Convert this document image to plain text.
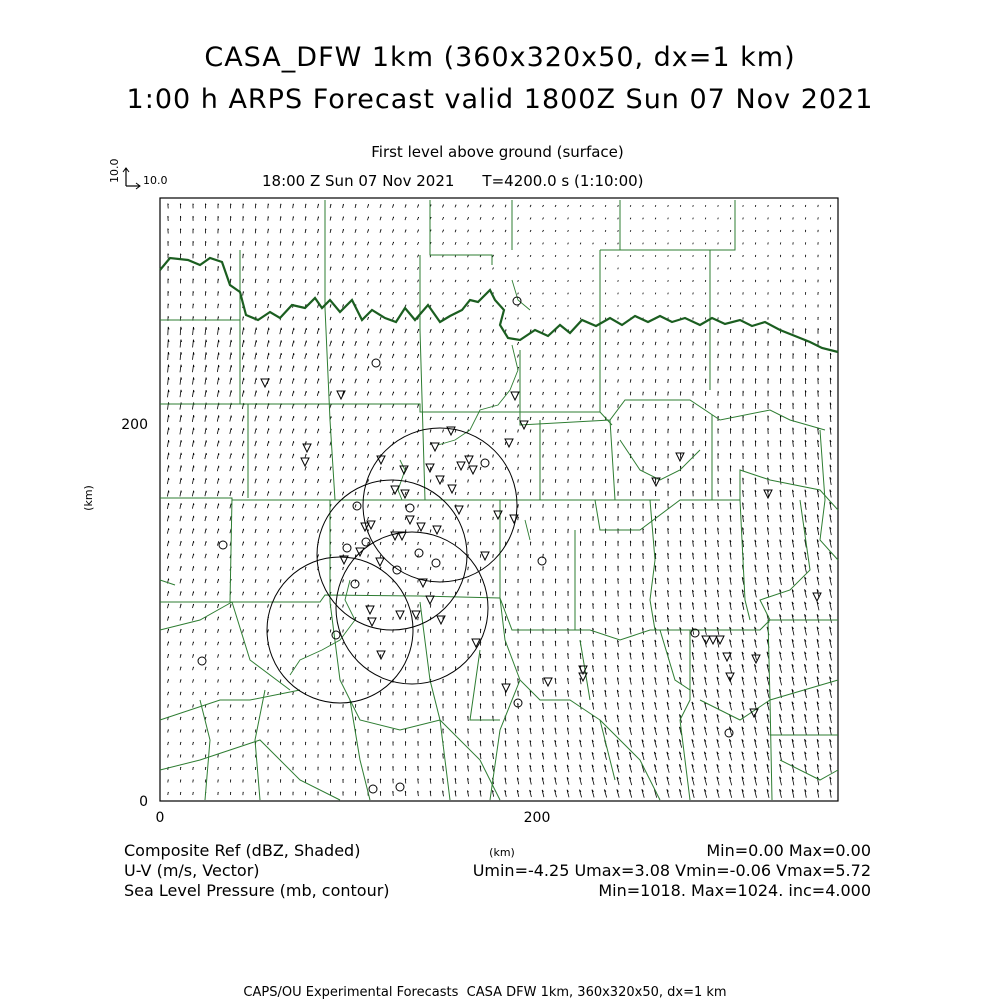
CASA_DFW 1km (360x320x50, dx=1 km)
1:00 h ARPS Forecast valid 1800Z Sun 07 Nov 2021
First level above ground (surface)
18:00 Z Sun 07 Nov 2021 T=4200.0 s (1:10:00)
10.0
10.0
0	200
0
200
(km)
(km)
Composite Ref (dBZ, Shaded)	Min=0.00 Max=0.00
U-V (m/s, Vector)	Umin=-4.25 Umax=3.08 Vmin=-0.06 Vmax=5.72
Sea Level Pressure (mb, contour)	Min=1018. Max=1024. inc=4.000
CAPS/OU Experimental Forecasts  CASA DFW 1km, 360x320x50, dx=1 km
